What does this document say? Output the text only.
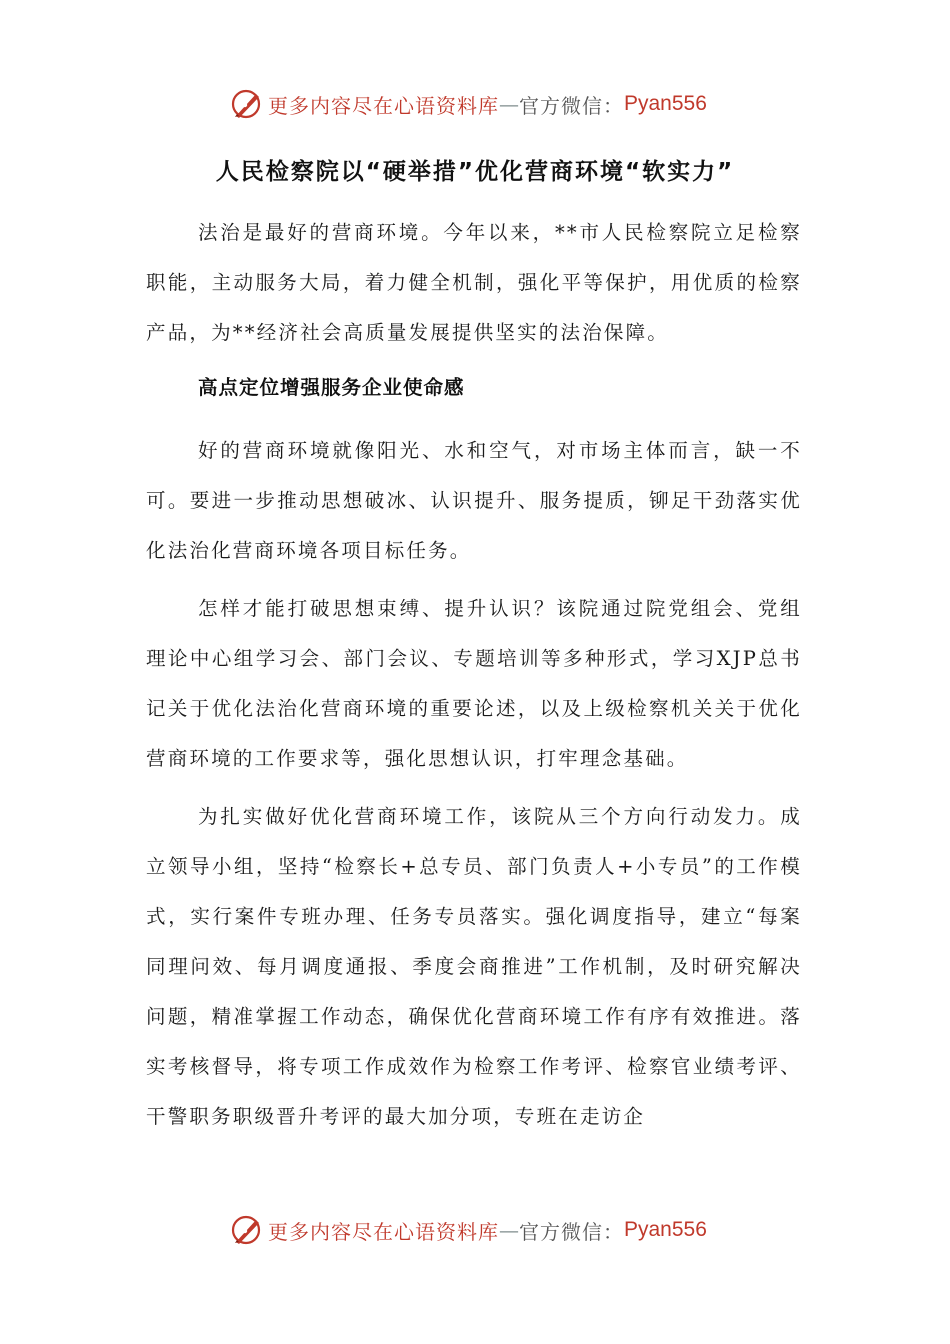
更多内容尽在心语资料库 — 官方微信： Pyan556
人民检察院以“硬举措”优化营商环境“软实力”

法治是最好的营商环境。今年以来，**市人民检察院立足检察职能，主动服务大局，着力健全机制，强化平等保护，用优质的检察产品，为**经济社会高质量发展提供坚实的法治保障。

高点定位增强服务企业使命感

好的营商环境就像阳光、水和空气，对市场主体而言，缺一不可。要进一步推动思想破冰、认识提升、服务提质，铆足干劲落实优化法治化营商环境各项目标任务。

怎样才能打破思想束缚、提升认识？该院通过院党组会、党组理论中心组学习会、部门会议、专题培训等多种形式，学习XJP总书记关于优化法治化营商环境的重要论述，以及上级检察机关关于优化营商环境的工作要求等，强化思想认识，打牢理念基础。

为扎实做好优化营商环境工作，该院从三个方向行动发力。成立领导小组，坚持“检察长+总专员、部门负责人+小专员”的工作模式，实行案件专班办理、任务专员落实。强化调度指导，建立“每案同理问效、每月调度通报、季度会商推进”工作机制，及时研究解决问题，精准掌握工作动态，确保优化营商环境工作有序有效推进。落实考核督导，将专项工作成效作为检察工作考评、检察官业绩考评、干警职务职级晋升考评的最大加分项，专班在走访企

更多内容尽在心语资料库 — 官方微信： Pyan556
